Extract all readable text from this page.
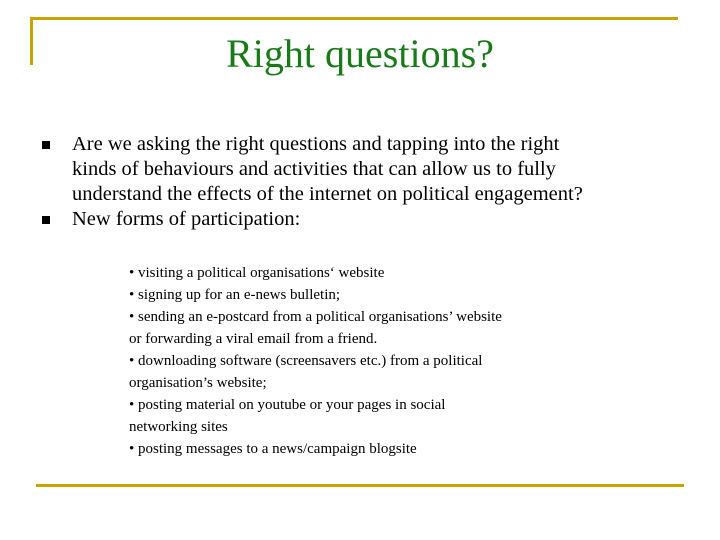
Right questions?
Are we asking the right questions and tapping into the right
kinds of behaviours and activities that can allow us to fully
understand the effects of the internet on political engagement?
New forms of participation:
• visiting a political organisations‘ website
• signing up for an e-news bulletin;
• sending an e-postcard from a political organisations’ website
or forwarding a viral email from a friend.
• downloading software (screensavers etc.) from a political
organisation’s website;
• posting material on youtube or your pages in social
networking sites
• posting messages to a news/campaign blogsite
